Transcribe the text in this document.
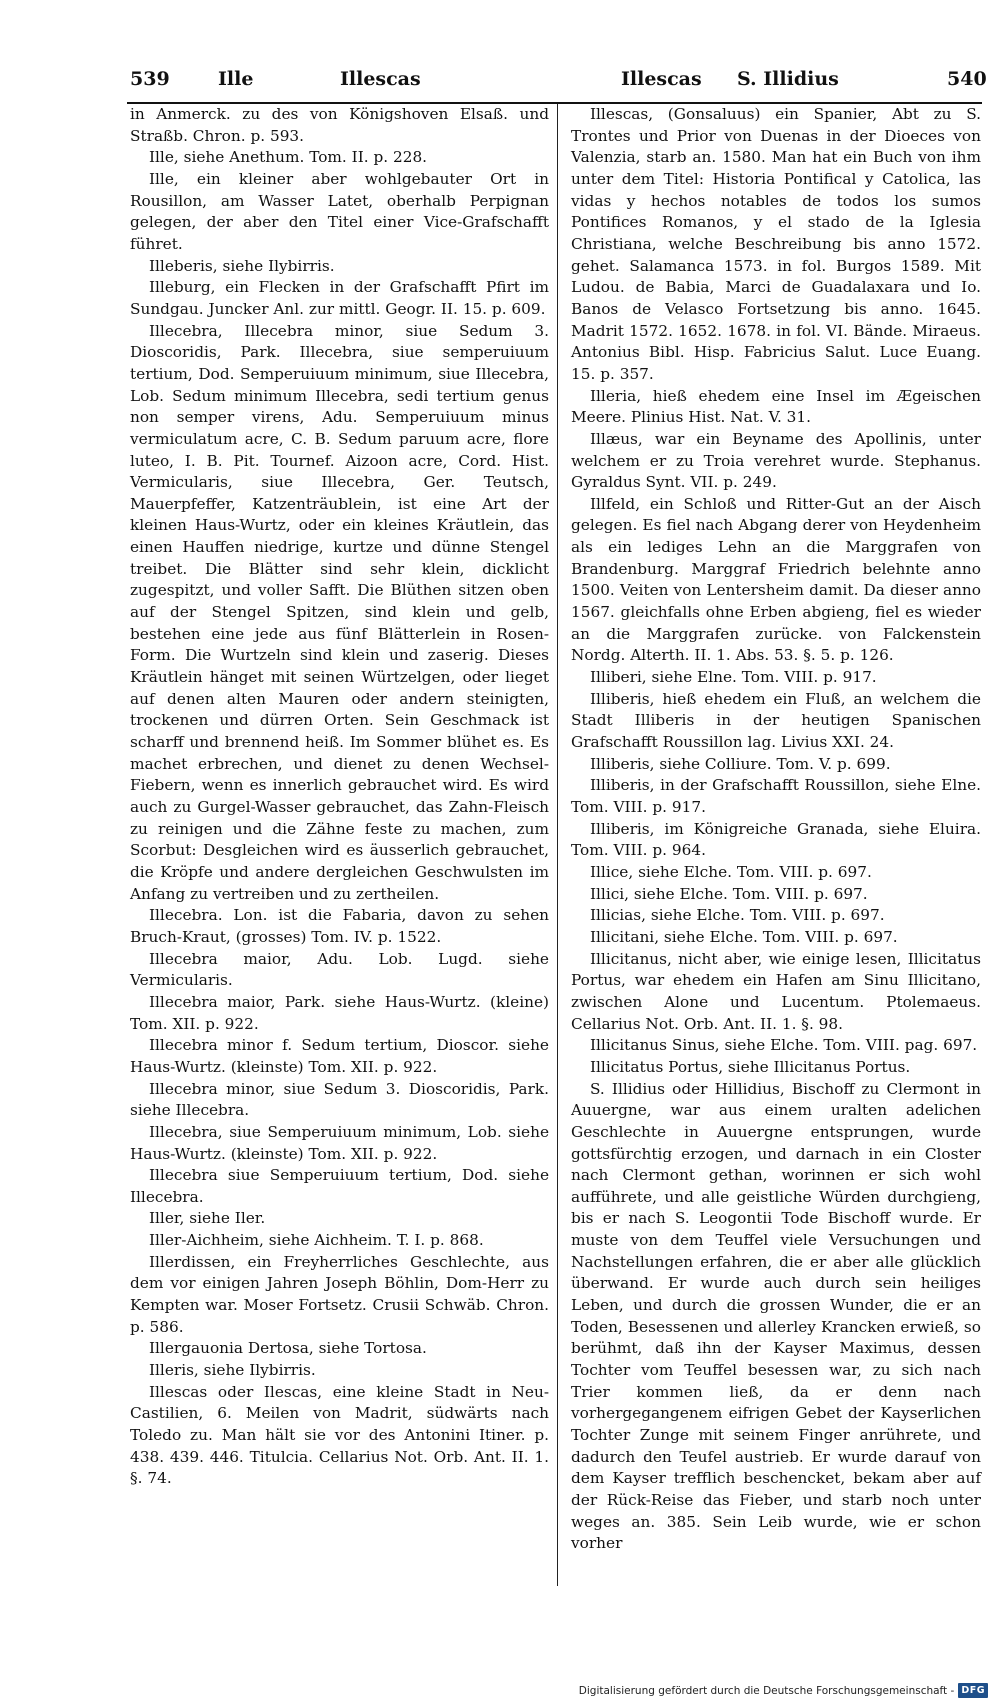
539	Ille	Illescas	Illescas S. Illidius	540

in Anmerck. zu des von Königshoven Elsaß. und Straßb. Chron. p. 593.

Ille, siehe Anethum. Tom. II. p. 228.

Ille, ein kleiner aber wohlgebauter Ort in Rousillon, am Wasser Latet, oberhalb Perpignan gelegen, der aber den Titel einer Vice-Grafschafft führet.

Illeberis, siehe Ilybirris.

Illeburg, ein Flecken in der Grafschafft Pfirt im Sundgau. Juncker Anl. zur mittl. Geogr. II. 15. p. 609.

Illecebra, Illecebra minor, siue Sedum 3. Dioscoridis, Park. Illecebra, siue semperuiuum tertium, Dod. Semperuiuum minimum, siue Illecebra, Lob. Sedum minimum Illecebra, sedi tertium genus non semper virens, Adu. Semperuiuum minus vermiculatum acre, C. B. Sedum paruum acre, flore luteo, I. B. Pit. Tournef. Aizoon acre, Cord. Hist. Vermicularis, siue Illecebra, Ger. Teutsch, Mauerpfeffer, Katzenträublein, ist eine Art der kleinen Haus-Wurtz, oder ein kleines Kräutlein, das einen Hauffen niedrige, kurtze und dünne Stengel treibet. Die Blätter sind sehr klein, dicklicht zugespitzt, und voller Safft. Die Blüthen sitzen oben auf der Stengel Spitzen, sind klein und gelb, bestehen eine jede aus fünf Blätterlein in Rosen-Form. Die Wurtzeln sind klein und zaserig. Dieses Kräutlein hänget mit seinen Würtzelgen, oder lieget auf denen alten Mauren oder andern steinigten, trockenen und dürren Orten. Sein Geschmack ist scharff und brennend heiß. Im Sommer blühet es. Es machet erbrechen, und dienet zu denen Wechsel-Fiebern, wenn es innerlich gebrauchet wird. Es wird auch zu Gurgel-Wasser gebrauchet, das Zahn-Fleisch zu reinigen und die Zähne feste zu machen, zum Scorbut: Desgleichen wird es äusserlich gebrauchet, die Kröpfe und andere dergleichen Geschwulsten im Anfang zu vertreiben und zu zertheilen.

Illecebra. Lon. ist die Fabaria, davon zu sehen Bruch-Kraut, (grosses) Tom. IV. p. 1522.

Illecebra maior, Adu. Lob. Lugd. siehe Vermicularis.

Illecebra maior, Park. siehe Haus-Wurtz. (kleine) Tom. XII. p. 922.

Illecebra minor f. Sedum tertium, Dioscor. siehe Haus-Wurtz. (kleinste) Tom. XII. p. 922.

Illecebra minor, siue Sedum 3. Dioscoridis, Park. siehe Illecebra.

Illecebra, siue Semperuiuum minimum, Lob. siehe Haus-Wurtz. (kleinste) Tom. XII. p. 922.

Illecebra siue Semperuiuum tertium, Dod. siehe Illecebra.

Iller, siehe Iler.

Iller-Aichheim, siehe Aichheim. T. I. p. 868.

Illerdissen, ein Freyherrliches Geschlechte, aus dem vor einigen Jahren Joseph Böhlin, Dom-Herr zu Kempten war. Moser Fortsetz. Crusii Schwäb. Chron. p. 586.

Illergauonia Dertosa, siehe Tortosa.

Illeris, siehe Ilybirris.

Illescas oder Ilescas, eine kleine Stadt in Neu-Castilien, 6. Meilen von Madrit, südwärts nach Toledo zu. Man hält sie vor des Antonini Itiner. p. 438. 439. 446. Titulcia. Cellarius Not. Orb. Ant. II. 1. §. 74.

Illescas, (Gonsaluus) ein Spanier, Abt zu S. Trontes und Prior von Duenas in der Dioeces von Valenzia, starb an. 1580. Man hat ein Buch von ihm unter dem Titel: Historia Pontifical y Catolica, las vidas y hechos notables de todos los sumos Pontifices Romanos, y el stado de la Iglesia Christiana, welche Beschreibung bis anno 1572. gehet. Salamanca 1573. in fol. Burgos 1589. Mit Ludou. de Babia, Marci de Guadalaxara und Io. Banos de Velasco Fortsetzung bis anno. 1645. Madrit 1572. 1652. 1678. in fol. VI. Bände. Miraeus. Antonius Bibl. Hisp. Fabricius Salut. Luce Euang. 15. p. 357.

Illeria, hieß ehedem eine Insel im Ægeischen Meere. Plinius Hist. Nat. V. 31.

Illæus, war ein Beyname des Apollinis, unter welchem er zu Troia verehret wurde. Stephanus. Gyraldus Synt. VII. p. 249.

Illfeld, ein Schloß und Ritter-Gut an der Aisch gelegen. Es fiel nach Abgang derer von Heydenheim als ein lediges Lehn an die Marggrafen von Brandenburg. Marggraf Friedrich belehnte anno 1500. Veiten von Lentersheim damit. Da dieser anno 1567. gleichfalls ohne Erben abgieng, fiel es wieder an die Marggrafen zurücke. von Falckenstein Nordg. Alterth. II. 1. Abs. 53. §. 5. p. 126.

Illiberi, siehe Elne. Tom. VIII. p. 917.

Illiberis, hieß ehedem ein Fluß, an welchem die Stadt Illiberis in der heutigen Spanischen Grafschafft Roussillon lag. Livius XXI. 24.

Illiberis, siehe Colliure. Tom. V. p. 699.

Illiberis, in der Grafschafft Roussillon, siehe Elne. Tom. VIII. p. 917.

Illiberis, im Königreiche Granada, siehe Eluira. Tom. VIII. p. 964.

Illice, siehe Elche. Tom. VIII. p. 697.

Illici, siehe Elche. Tom. VIII. p. 697.

Illicias, siehe Elche. Tom. VIII. p. 697.

Illicitani, siehe Elche. Tom. VIII. p. 697.

Illicitanus, nicht aber, wie einige lesen, Illicitatus Portus, war ehedem ein Hafen am Sinu Illicitano, zwischen Alone und Lucentum. Ptolemaeus. Cellarius Not. Orb. Ant. II. 1. §. 98.

Illicitanus Sinus, siehe Elche. Tom. VIII. pag. 697.

Illicitatus Portus, siehe Illicitanus Portus.

S. Illidius oder Hillidius, Bischoff zu Clermont in Auuergne, war aus einem uralten adelichen Geschlechte in Auuergne entsprungen, wurde gottsfürchtig erzogen, und darnach in ein Closter nach Clermont gethan, worinnen er sich wohl aufführete, und alle geistliche Würden durchgieng, bis er nach S. Leogontii Tode Bischoff wurde. Er muste von dem Teuffel viele Versuchungen und Nachstellungen erfahren, die er aber alle glücklich überwand. Er wurde auch durch sein heiliges Leben, und durch die grossen Wunder, die er an Toden, Besessenen und allerley Krancken erwieß, so berühmt, daß ihn der Kayser Maximus, dessen Tochter vom Teuffel besessen war, zu sich nach Trier kommen ließ, da er denn nach vorhergegangenem eifrigen Gebet der Kayserlichen Tochter Zunge mit seinem Finger anrührete, und dadurch den Teufel austrieb. Er wurde darauf von dem Kayser trefflich beschencket, bekam aber auf der Rück-Reise das Fieber, und starb noch unter weges an. 385. Sein Leib wurde, wie er schon vorher

Digitalisierung gefördert durch die Deutsche Forschungsgemeinschaft - DFG
